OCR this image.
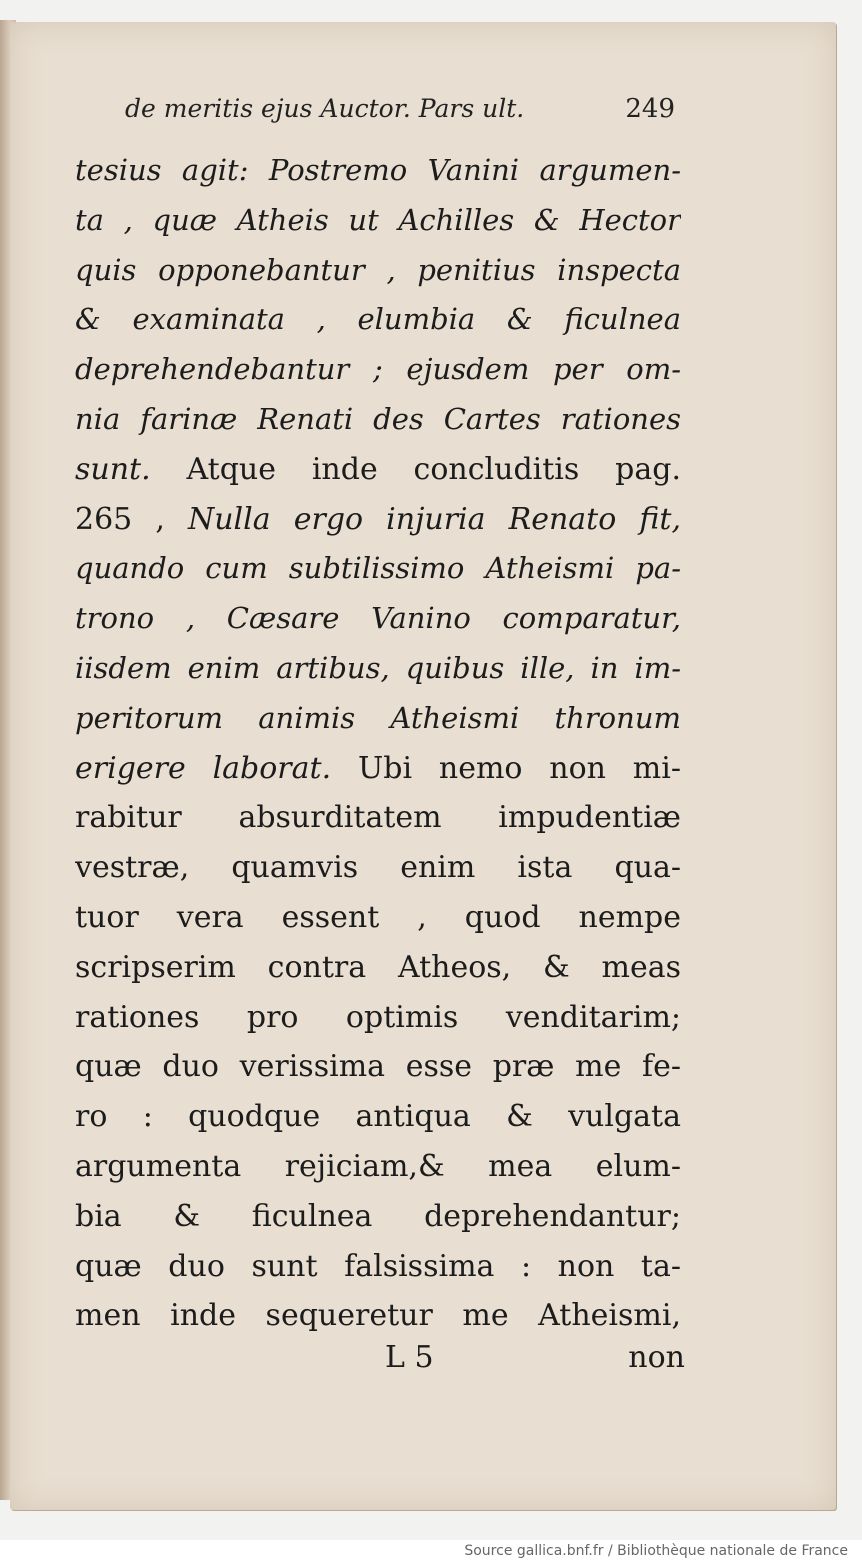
de meritis ejus Auctor. Pars ult.	249
tesius agit: Postremo Vanini argumen-
ta , quæ Atheis ut Achilles & Hector
quis opponebantur , penitius inspecta
& examinata , elumbia & ficulnea
deprehendebantur ; ejusdem per om-
nia farinæ Renati des Cartes rationes
sunt. Atque inde concluditis pag.
265 , Nulla ergo injuria Renato fit,
quando cum subtilissimo Atheismi pa-
trono , Cæsare Vanino comparatur,
iisdem enim artibus, quibus ille, in im-
peritorum animis Atheismi thronum
erigere laborat. Ubi nemo non mi-
rabitur absurditatem impudentiæ
vestræ, quamvis enim ista qua-
tuor vera essent , quod nempe
scripserim contra Atheos, & meas
rationes pro optimis venditarim;
quæ duo verissima esse præ me fe-
ro : quodque antiqua & vulgata
argumenta rejiciam,& mea elum-
bia & ficulnea deprehendantur;
quæ duo sunt falsissima : non ta-
men inde sequeretur me Atheismi,
L 5	non
Source gallica.bnf.fr / Bibliothèque nationale de France
